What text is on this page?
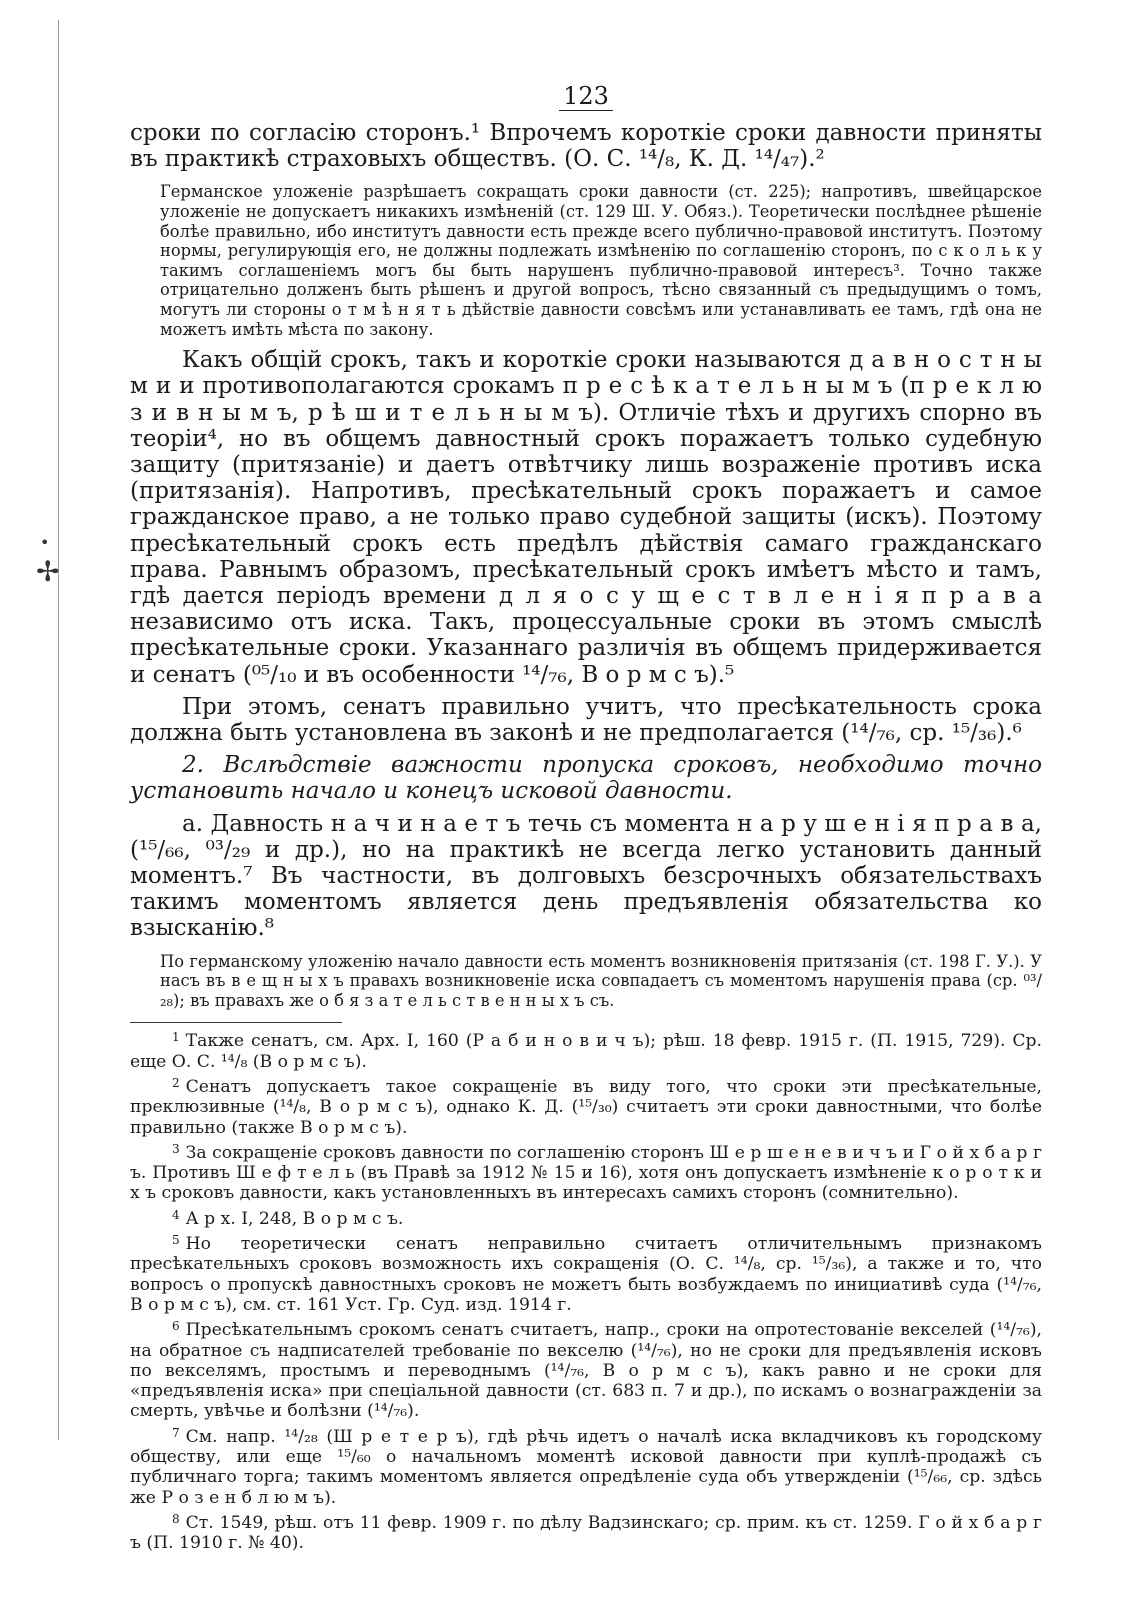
•
✢
123

сроки по согласiю сторонъ.¹ Впрочемъ короткiе сроки давности приняты въ практикѣ страховыхъ обществъ. (О. С. ¹⁴/₈, К. Д. ¹⁴/₄₇).²

Германское уложенiе разрѣшаетъ сокращать сроки давности (ст. 225); напротивъ, швейцарское уложенiе не допускаетъ никакихъ измѣненiй (ст. 129 Ш. У. Обяз.). Теоретически послѣднее рѣшенiе болѣе правильно, ибо институтъ давности есть прежде всего публично-правовой институтъ. Поэтому нормы, регулирующiя его, не должны подлежать измѣненiю по соглашенiю сторонъ, по с к о л ь к у такимъ соглашенiемъ могъ бы быть нарушенъ публично-правовой интересъ³. Точно также отрицательно долженъ быть рѣшенъ и другой вопросъ, тѣсно связанный съ предыдущимъ о томъ, могутъ ли стороны о т м ѣ н я т ь дѣйствiе давности совсѣмъ или устанавливать ее тамъ, гдѣ она не можетъ имѣть мѣста по закону.

Какъ общiй срокъ, такъ и короткiе сроки называются д а в н о с т н ы м и и противополагаются срокамъ п р е с ѣ к а т е л ь н ы м ъ (п р е к л ю з и в н ы м ъ, р ѣ ш и т е л ь н ы м ъ). Отличiе тѣхъ и другихъ спорно въ теорiи⁴, но въ общемъ давностный срокъ поражаетъ только судебную защиту (притязанiе) и даетъ отвѣтчику лишь возраженiе противъ иска (притязанiя). Напротивъ, пресѣкательный срокъ поражаетъ и самое гражданское право, а не только право судебной защиты (искъ). Поэтому пресѣкательный срокъ есть предѣлъ дѣйствiя самаго гражданскаго права. Равнымъ образомъ, пресѣкательный срокъ имѣетъ мѣсто и тамъ, гдѣ дается перiодъ времени д л я о с у щ е с т в л е н i я п р а в а независимо отъ иска. Такъ, процессуальные сроки въ этомъ смыслѣ пресѣкательные сроки. Указаннаго различiя въ общемъ придерживается и сенатъ (⁰⁵/₁₀ и въ особенности ¹⁴/₇₆, В о р м с ъ).⁵

При этомъ, сенатъ правильно учитъ, что пресѣкательность срока должна быть установлена въ законѣ и не предполагается (¹⁴/₇₆, ср. ¹⁵/₃₆).⁶

2. Вслѣдствiе важности пропуска сроковъ, необходимо точно установить начало и конецъ исковой давности.

а. Давность н а ч и н а е т ъ течь съ момента н а р у ш е н i я п р а в а, (¹⁵/₆₆, ⁰³/₂₉ и др.), но на практикѣ не всегда легко установить данный моментъ.⁷ Въ частности, въ долговыхъ безсрочныхъ обязательствахъ такимъ моментомъ является день предъявленiя обязательства ко взысканiю.⁸

По германскому уложенiю начало давности есть моментъ возникновенiя притязанiя (ст. 198 Г. У.). У насъ въ в е щ н ы х ъ правахъ возникновенiе иска совпадаетъ съ моментомъ нарушенiя права (ср. ⁰³/₂₈); въ правахъ же о б я з а т е л ь с т в е н н ы х ъ съ.

$^1$ Также сенатъ, см. Арх. I, 160 (Р а б и н о в и ч ъ); рѣш. 18 февр. 1915 г. (П. 1915, 729). Ср. еще О. С. ¹⁴/₈ (В о р м с ъ).

$^2$ Сенатъ допускаетъ такое сокращенiе въ виду того, что сроки эти пресѣкательные, преклюзивные (¹⁴/₈, В о р м с ъ), однако К. Д. (¹⁵/₃₀) считаетъ эти сроки давностными, что болѣе правильно (также В о р м с ъ).

$^3$ За сокращенiе сроковъ давности по соглашенiю сторонъ Ш е р ш е н е в и ч ъ и Г о й х б а р г ъ. Противъ Ш е ф т е л ь (въ Правѣ за 1912 № 15 и 16), хотя онъ допускаетъ измѣненiе к о р о т к и х ъ сроковъ давности, какъ установленныхъ въ интересахъ самихъ сторонъ (сомнительно).

$^4$ А р х. I, 248, В о р м с ъ.

$^5$ Но теоретически сенатъ неправильно считаетъ отличительнымъ признакомъ пресѣкательныхъ сроковъ возможность ихъ сокращенiя (О. С. ¹⁴/₈, ср. ¹⁵/₃₆), а также и то, что вопросъ о пропускѣ давностныхъ сроковъ не можетъ быть возбуждаемъ по инициативѣ суда (¹⁴/₇₆, В о р м с ъ), см. ст. 161 Уст. Гр. Суд. изд. 1914 г.

$^6$ Пресѣкательнымъ срокомъ сенатъ считаетъ, напр., сроки на опротестованiе векселей (¹⁴/₇₆), на обратное съ надписателей требованiе по векселю (¹⁴/₇₆), но не сроки для предъявленiя исковъ по векселямъ, простымъ и переводнымъ (¹⁴/₇₆, В о р м с ъ), какъ равно и не сроки для «предъявленiя иска» при спецiальной давности (ст. 683 п. 7 и др.), по искамъ о вознагражденiи за смерть, увѣчье и болѣзни (¹⁴/₇₆).

$^7$ См. напр. ¹⁴/₂₈ (Ш р е т е р ъ), гдѣ рѣчь идетъ о началѣ иска вкладчиковъ къ городскому обществу, или еще ¹⁵/₆₀ о начальномъ моментѣ исковой давности при куплѣ-продажѣ съ публичнаго торга; такимъ моментомъ является опредѣленiе суда объ утвержденiи (¹⁵/₆₆, ср. здѣсь же Р о з е н б л ю м ъ).

$^8$ Ст. 1549, рѣш. отъ 11 февр. 1909 г. по дѣлу Вадзинскаго; ср. прим. къ ст. 1259. Г о й х б а р г ъ (П. 1910 г. № 40).
